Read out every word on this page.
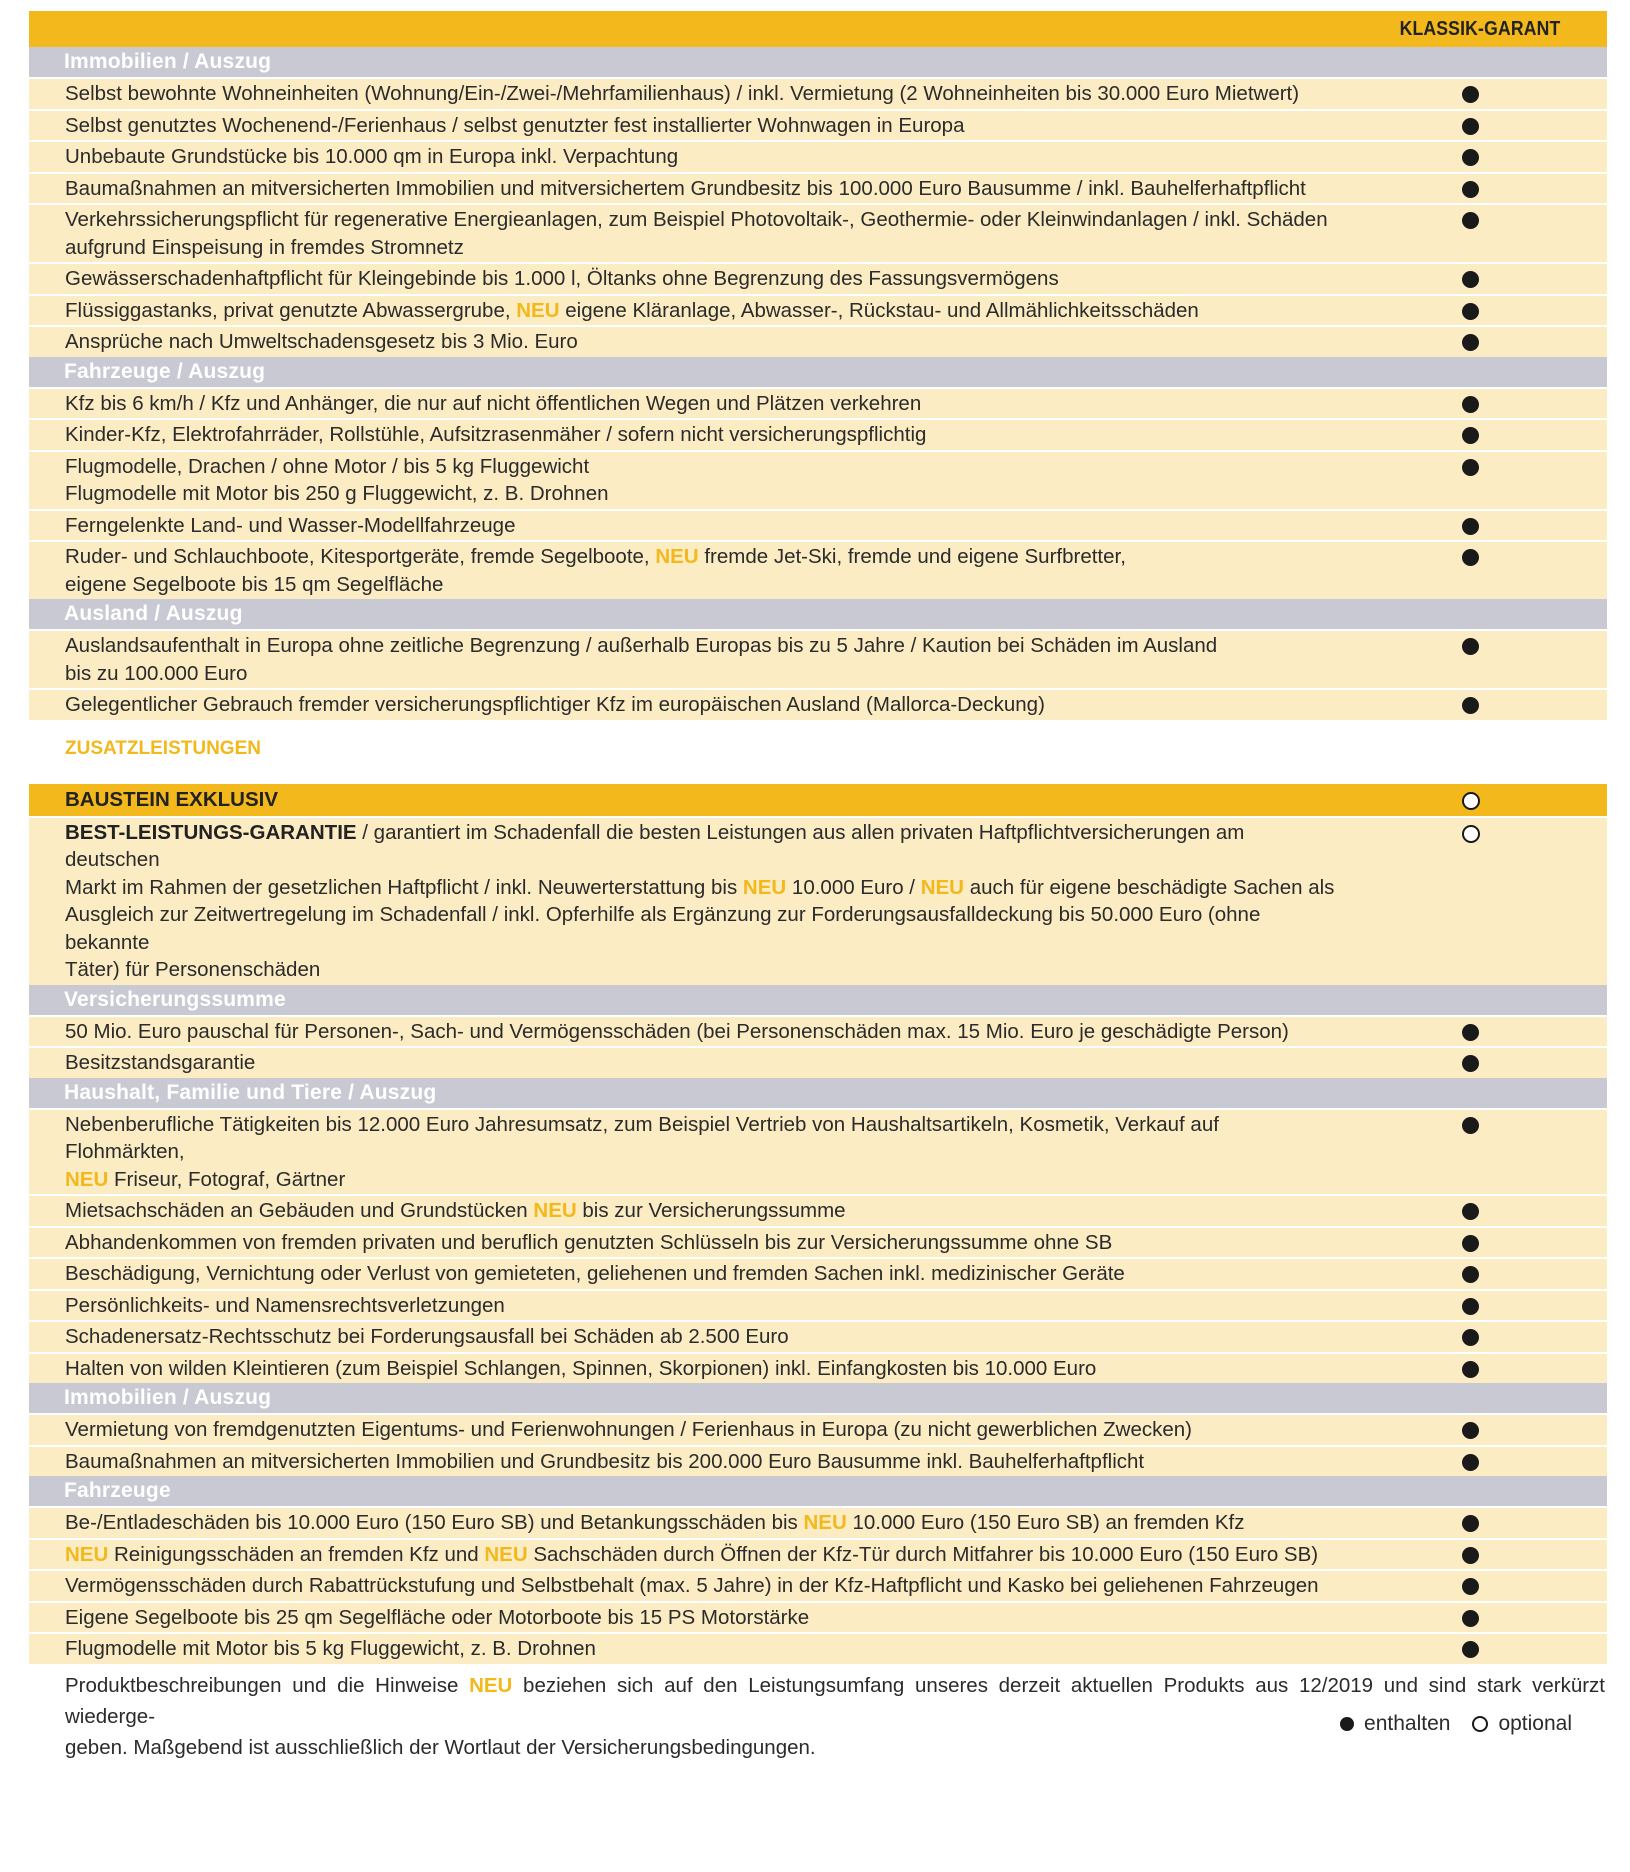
KLASSIK-GARANT
Immobilien / Auszug
Selbst bewohnte Wohneinheiten (Wohnung/Ein-/Zwei-/Mehrfamilienhaus) / inkl. Vermietung (2 Wohneinheiten bis 30.000 Euro Mietwert)
Selbst genutztes Wochenend-/Ferienhaus / selbst genutzter fest installierter Wohnwagen in Europa
Unbebaute Grundstücke bis 10.000 qm in Europa inkl. Verpachtung
Baumaßnahmen an mitversicherten Immobilien und mitversichertem Grundbesitz bis 100.000 Euro Bausumme / inkl. Bauhelferhaftpflicht
Verkehrssicherungspflicht für regenerative Energieanlagen, zum Beispiel Photovoltaik-, Geothermie- oder Kleinwindanlagen / inkl. Schäden
aufgrund Einspeisung in fremdes Stromnetz
Gewässerschadenhaftpflicht für Kleingebinde bis 1.000 l, Öltanks ohne Begrenzung des Fassungsvermögens
Flüssiggastanks, privat genutzte Abwassergrube, NEU eigene Kläranlage, Abwasser-, Rückstau- und Allmählichkeitsschäden
Ansprüche nach Umweltschadensgesetz bis 3 Mio. Euro
Fahrzeuge / Auszug
Kfz bis 6 km/h / Kfz und Anhänger, die nur auf nicht öffentlichen Wegen und Plätzen verkehren
Kinder-Kfz, Elektrofahrräder, Rollstühle, Aufsitzrasenmäher / sofern nicht versicherungspflichtig
Flugmodelle, Drachen / ohne Motor / bis 5 kg Fluggewicht
Flugmodelle mit Motor bis 250 g Fluggewicht, z. B. Drohnen
Ferngelenkte Land- und Wasser-Modellfahrzeuge
Ruder- und Schlauchboote, Kitesportgeräte, fremde Segelboote, NEU fremde Jet-Ski, fremde und eigene Surfbretter,
eigene Segelboote bis 15 qm Segelfläche
Ausland / Auszug
Auslandsaufenthalt in Europa ohne zeitliche Begrenzung / außerhalb Europas bis zu 5 Jahre / Kaution bei Schäden im Ausland
bis zu 100.000 Euro
Gelegentlicher Gebrauch fremder versicherungspflichtiger Kfz im europäischen Ausland (Mallorca-Deckung)
ZUSATZLEISTUNGEN
BAUSTEIN EXKLUSIV
BEST-LEISTUNGS-GARANTIE / garantiert im Schadenfall die besten Leistungen aus allen privaten Haftpflichtversicherungen am deutschen
Markt im Rahmen der gesetzlichen Haftpflicht / inkl. Neuwerterstattung bis NEU 10.000 Euro / NEU auch für eigene beschädigte Sachen als
Ausgleich zur Zeitwertregelung im Schadenfall / inkl. Opferhilfe als Ergänzung zur Forderungsausfalldeckung bis 50.000 Euro (ohne bekannte
Täter) für Personenschäden
Versicherungssumme
50 Mio. Euro pauschal für Personen-, Sach- und Vermögensschäden (bei Personenschäden max. 15 Mio. Euro je geschädigte Person)
Besitzstandsgarantie
Haushalt, Familie und Tiere / Auszug
Nebenberufliche Tätigkeiten bis 12.000 Euro Jahresumsatz, zum Beispiel Vertrieb von Haushaltsartikeln, Kosmetik, Verkauf auf Flohmärkten,
NEU Friseur, Fotograf, Gärtner
Mietsachschäden an Gebäuden und Grundstücken NEU bis zur Versicherungssumme
Abhandenkommen von fremden privaten und beruflich genutzten Schlüsseln bis zur Versicherungssumme ohne SB
Beschädigung, Vernichtung oder Verlust von gemieteten, geliehenen und fremden Sachen inkl. medizinischer Geräte
Persönlichkeits- und Namensrechtsverletzungen
Schadenersatz-Rechtsschutz bei Forderungsausfall bei Schäden ab 2.500 Euro
Halten von wilden Kleintieren (zum Beispiel Schlangen, Spinnen, Skorpionen) inkl. Einfangkosten bis 10.000 Euro
Immobilien / Auszug
Vermietung von fremdgenutzten Eigentums- und Ferienwohnungen / Ferienhaus in Europa (zu nicht gewerblichen Zwecken)
Baumaßnahmen an mitversicherten Immobilien und Grundbesitz bis 200.000 Euro Bausumme inkl. Bauhelferhaftpflicht
Fahrzeuge
Be-/Entladeschäden bis 10.000 Euro (150 Euro SB) und Betankungsschäden bis NEU 10.000 Euro (150 Euro SB) an fremden Kfz
NEU Reinigungsschäden an fremden Kfz und NEU Sachschäden durch Öffnen der Kfz-Tür durch Mitfahrer bis 10.000 Euro (150 Euro SB)
Vermögensschäden durch Rabattrückstufung und Selbstbehalt (max. 5 Jahre) in der Kfz-Haftpflicht und Kasko bei geliehenen Fahrzeugen
Eigene Segelboote bis 25 qm Segelfläche oder Motorboote bis 15 PS Motorstärke
Flugmodelle mit Motor bis 5 kg Fluggewicht, z. B. Drohnen
Produktbeschreibungen und die Hinweise NEU beziehen sich auf den Leistungsumfang unseres derzeit aktuellen Produkts aus 12/2019 und sind stark verkürzt wiederge-
geben. Maßgebend ist ausschließlich der Wortlaut der Versicherungsbedingungen.
enthalten optional
